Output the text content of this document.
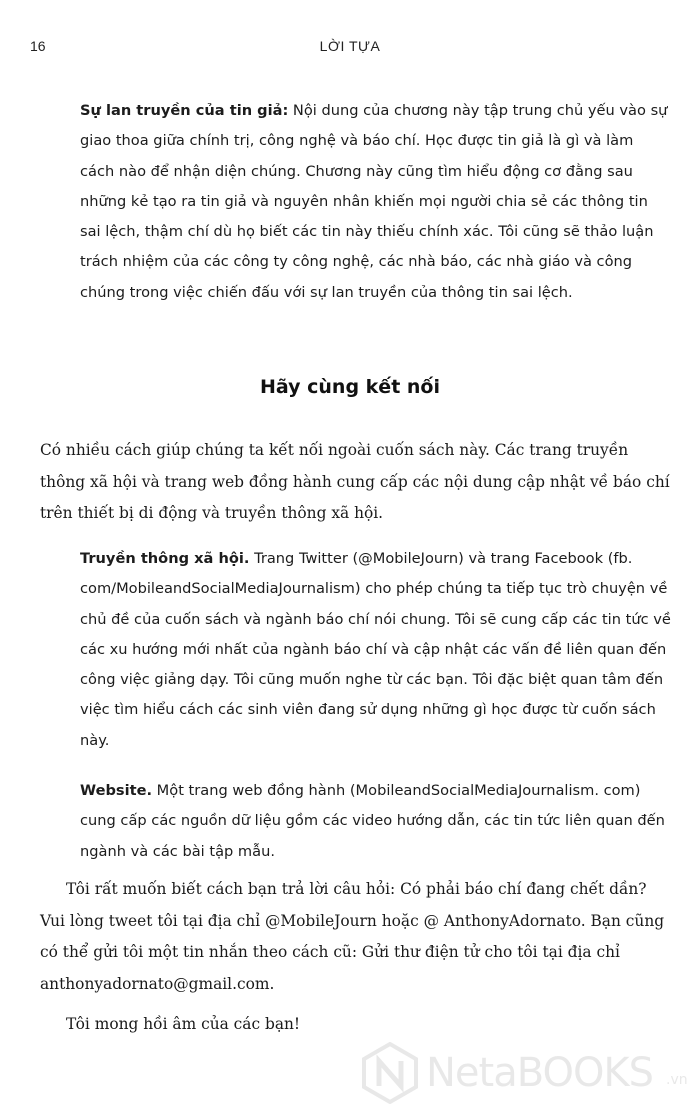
16	LỜI TỰA

Sự lan truyền của tin giả: Nội dung của chương này tập trung chủ yếu vào sự giao thoa giữa chính trị, công nghệ và báo chí. Học được tin giả là gì và làm cách nào để nhận diện chúng. Chương này cũng tìm hiểu động cơ đằng sau những kẻ tạo ra tin giả và nguyên nhân khiến mọi người chia sẻ các thông tin sai lệch, thậm chí dù họ biết các tin này thiếu chính xác. Tôi cũng sẽ thảo luận trách nhiệm của các công ty công nghệ, các nhà báo, các nhà giáo và công chúng trong việc chiến đấu với sự lan truyền của thông tin sai lệch.

Hãy cùng kết nối

Có nhiều cách giúp chúng ta kết nối ngoài cuốn sách này. Các trang truyền thông xã hội và trang web đồng hành cung cấp các nội dung cập nhật về báo chí trên thiết bị di động và truyền thông xã hội.

Truyền thông xã hội. Trang Twitter (@MobileJourn) và trang Facebook (fb. com/MobileandSocialMediaJournalism) cho phép chúng ta tiếp tục trò chuyện về chủ đề của cuốn sách và ngành báo chí nói chung. Tôi sẽ cung cấp các tin tức về các xu hướng mới nhất của ngành báo chí và cập nhật các vấn đề liên quan đến công việc giảng dạy. Tôi cũng muốn nghe từ các bạn. Tôi đặc biệt quan tâm đến việc tìm hiểu cách các sinh viên đang sử dụng những gì học được từ cuốn sách này.

Website. Một trang web đồng hành (MobileandSocialMediaJournalism. com) cung cấp các nguồn dữ liệu gồm các video hướng dẫn, các tin tức liên quan đến ngành và các bài tập mẫu.

Tôi rất muốn biết cách bạn trả lời câu hỏi: Có phải báo chí đang chết dần? Vui lòng tweet tôi tại địa chỉ @MobileJourn hoặc @ AnthonyAdornato. Bạn cũng có thể gửi tôi một tin nhắn theo cách cũ: Gửi thư điện tử cho tôi tại địa chỉ anthonyadornato@gmail.com.

Tôi mong hồi âm của các bạn!

NetaBOOKS .vn
